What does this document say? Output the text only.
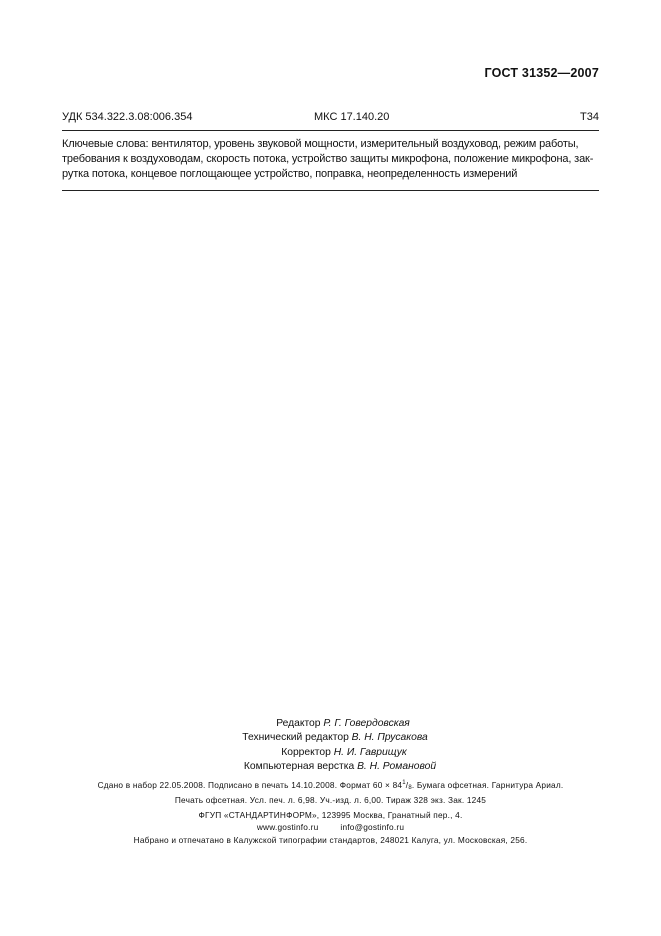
ГОСТ 31352—2007
УДК 534.322.3.08:006.354	МКС 17.140.20	Т34
Ключевые слова: вентилятор, уровень звуковой мощности, измерительный воздуховод, режим работы,
требования к воздуховодам, скорость потока, устройство защиты микрофона, положение микрофона, зак-
рутка потока, концевое поглощающее устройство, поправка, неопределенность измерений
Редактор Р. Г. Говердовская
Технический редактор В. Н. Прусакова
Корректор Н. И. Гаврищук
Компьютерная верстка В. Н. Романовой
Сдано в набор 22.05.2008. Подписано в печать 14.10.2008. Формат $60 \times 84^1/_8$. Бумага офсетная. Гарнитура Ариал.
Печать офсетная. Усл. печ. л. 6,98. Уч.-изд. л. 6,00. Тираж 328 экз. Зак. 1245
ФГУП «СТАНДАРТИНФОРМ», 123995 Москва, Гранатный пер., 4.
www.gostinfo.ru	info@gostinfo.ru
Набрано и отпечатано в Калужской типографии стандартов, 248021 Калуга, ул. Московская, 256.
